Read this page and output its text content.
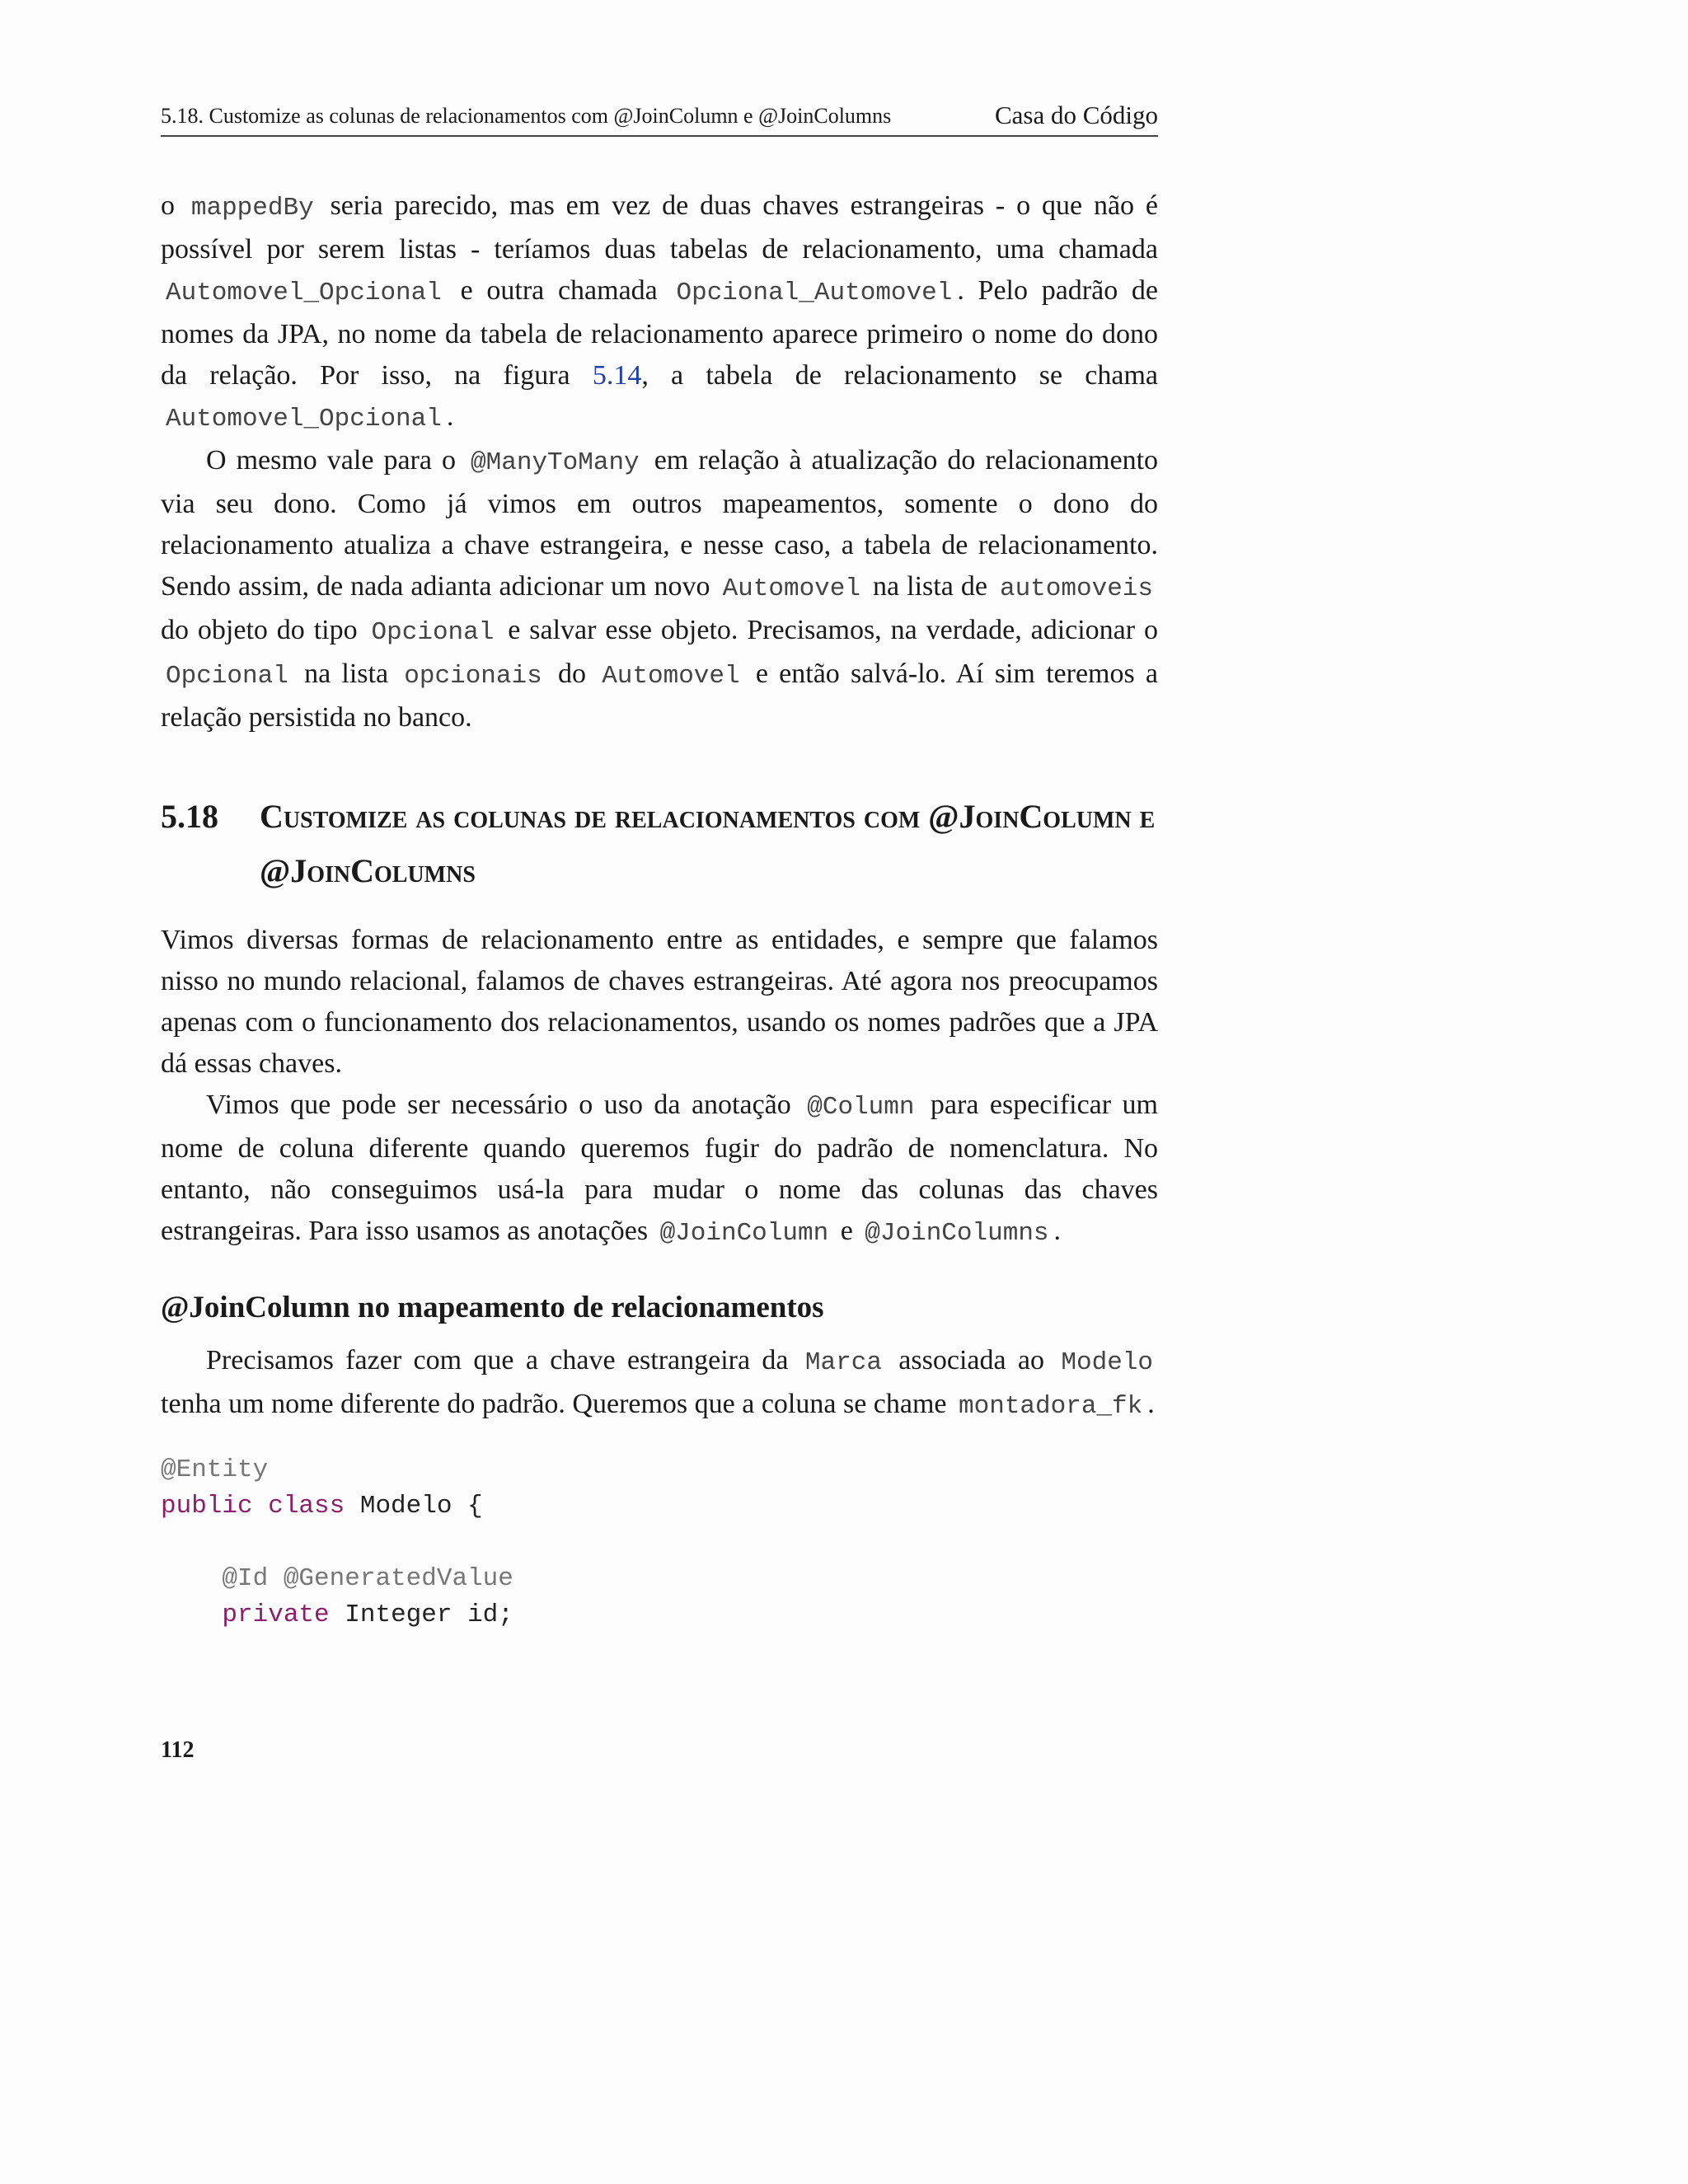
5.18. Customize as colunas de relacionamentos com @JoinColumn e @JoinColumns	Casa do Código

o mappedBy seria parecido, mas em vez de duas chaves estrangeiras - o que não é possível por serem listas - teríamos duas tabelas de relacionamento, uma chamada Automovel_Opcional e outra chamada Opcional_Automovel . Pelo padrão de nomes da JPA, no nome da tabela de relacionamento aparece primeiro o nome do dono da relação. Por isso, na figura 5.14, a tabela de relacionamento se chama Automovel_Opcional .

O mesmo vale para o @ManyToMany em relação à atualização do relacionamento via seu dono. Como já vimos em outros mapeamentos, somente o dono do relacionamento atualiza a chave estrangeira, e nesse caso, a tabela de relacionamento. Sendo assim, de nada adianta adicionar um novo Automovel na lista de automoveis do objeto do tipo Opcional e salvar esse objeto. Precisamos, na verdade, adicionar o Opcional na lista opcionais do Automovel e então salvá-lo. Aí sim teremos a relação persistida no banco.

5.18	Customize as colunas de relacionamentos com @JoinColumn e @JoinColumns

Vimos diversas formas de relacionamento entre as entidades, e sempre que falamos nisso no mundo relacional, falamos de chaves estrangeiras. Até agora nos preocupamos apenas com o funcionamento dos relacionamentos, usando os nomes padrões que a JPA dá essas chaves.

Vimos que pode ser necessário o uso da anotação @Column para especificar um nome de coluna diferente quando queremos fugir do padrão de nomenclatura. No entanto, não conseguimos usá-la para mudar o nome das colunas das chaves estrangeiras. Para isso usamos as anotações @JoinColumn e @JoinColumns .

@JoinColumn no mapeamento de relacionamentos

Precisamos fazer com que a chave estrangeira da Marca associada ao Modelo tenha um nome diferente do padrão. Queremos que a coluna se chame montadora_fk .

@Entity
public class Modelo {

@Id @GeneratedValue
private Integer id;
112
